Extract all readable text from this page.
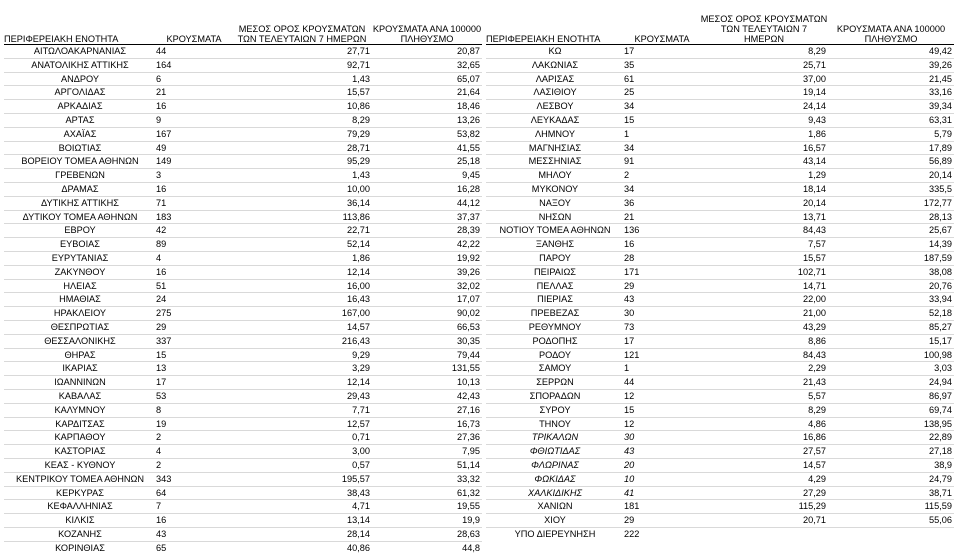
ΠΕΡΙΦΕΡΕΙΑΚΗ ΕΝΟΤΗΤΑ	ΚΡΟΥΣΜΑΤΑ	ΜΕΣΟΣ ΟΡΟΣ ΚΡΟΥΣΜΑΤΩΝ ΤΩΝ ΤΕΛΕΥΤΑΙΩΝ 7 ΗΜΕΡΩΝ	ΚΡΟΥΣΜΑΤΑ ΑΝΑ 100000 ΠΛΗΘΥΣΜΟ
ΑΙΤΩΛΟΑΚΑΡΝΑΝΙΑΣ	44	27,71	20,87
ΑΝΑΤΟΛΙΚΗΣ ΑΤΤΙΚΗΣ	164	92,71	32,65
ΑΝΔΡΟΥ	6	1,43	65,07
ΑΡΓΟΛΙΔΑΣ	21	15,57	21,64
ΑΡΚΑΔΙΑΣ	16	10,86	18,46
ΑΡΤΑΣ	9	8,29	13,26
ΑΧΑΪΑΣ	167	79,29	53,82
ΒΟΙΩΤΙΑΣ	49	28,71	41,55
ΒΟΡΕΙΟΥ ΤΟΜΕΑ ΑΘΗΝΩΝ	149	95,29	25,18
ΓΡΕΒΕΝΩΝ	3	1,43	9,45
ΔΡΑΜΑΣ	16	10,00	16,28
ΔΥΤΙΚΗΣ ΑΤΤΙΚΗΣ	71	36,14	44,12
ΔΥΤΙΚΟΥ ΤΟΜΕΑ ΑΘΗΝΩΝ	183	113,86	37,37
ΕΒΡΟΥ	42	22,71	28,39
ΕΥΒΟΙΑΣ	89	52,14	42,22
ΕΥΡΥΤΑΝΙΑΣ	4	1,86	19,92
ΖΑΚΥΝΘΟΥ	16	12,14	39,26
ΗΛΕΙΑΣ	51	16,00	32,02
ΗΜΑΘΙΑΣ	24	16,43	17,07
ΗΡΑΚΛΕΙΟΥ	275	167,00	90,02
ΘΕΣΠΡΩΤΙΑΣ	29	14,57	66,53
ΘΕΣΣΑΛΟΝΙΚΗΣ	337	216,43	30,35
ΘΗΡΑΣ	15	9,29	79,44
ΙΚΑΡΙΑΣ	13	3,29	131,55
ΙΩΑΝΝΙΝΩΝ	17	12,14	10,13
ΚΑΒΑΛΑΣ	53	29,43	42,43
ΚΑΛΥΜΝΟΥ	8	7,71	27,16
ΚΑΡΔΙΤΣΑΣ	19	12,57	16,73
ΚΑΡΠΑΘΟΥ	2	0,71	27,36
ΚΑΣΤΟΡΙΑΣ	4	3,00	7,95
ΚΕΑΣ - ΚΥΘΝΟΥ	2	0,57	51,14
ΚΕΝΤΡΙΚΟΥ ΤΟΜΕΑ ΑΘΗΝΩΝ	343	195,57	33,32
ΚΕΡΚΥΡΑΣ	64	38,43	61,32
ΚΕΦΑΛΛΗΝΙΑΣ	7	4,71	19,55
ΚΙΛΚΙΣ	16	13,14	19,9
ΚΟΖΑΝΗΣ	43	28,14	28,63
ΚΟΡΙΝΘΙΑΣ	65	40,86	44,8
ΠΕΡΙΦΕΡΕΙΑΚΗ ΕΝΟΤΗΤΑ	ΚΡΟΥΣΜΑΤΑ	ΜΕΣΟΣ ΟΡΟΣ ΚΡΟΥΣΜΑΤΩΝ ΤΩΝ ΤΕΛΕΥΤΑΙΩΝ 7 ΗΜΕΡΩΝ	ΚΡΟΥΣΜΑΤΑ ΑΝΑ 100000 ΠΛΗΘΥΣΜΟ
ΚΩ	17	8,29	49,42
ΛΑΚΩΝΙΑΣ	35	25,71	39,26
ΛΑΡΙΣΑΣ	61	37,00	21,45
ΛΑΣΙΘΙΟΥ	25	19,14	33,16
ΛΕΣΒΟΥ	34	24,14	39,34
ΛΕΥΚΑΔΑΣ	15	9,43	63,31
ΛΗΜΝΟΥ	1	1,86	5,79
ΜΑΓΝΗΣΙΑΣ	34	16,57	17,89
ΜΕΣΣΗΝΙΑΣ	91	43,14	56,89
ΜΗΛΟΥ	2	1,29	20,14
ΜΥΚΟΝΟΥ	34	18,14	335,5
ΝΑΞΟΥ	36	20,14	172,77
ΝΗΣΩΝ	21	13,71	28,13
ΝΟΤΙΟΥ ΤΟΜΕΑ ΑΘΗΝΩΝ	136	84,43	25,67
ΞΑΝΘΗΣ	16	7,57	14,39
ΠΑΡΟΥ	28	15,57	187,59
ΠΕΙΡΑΙΩΣ	171	102,71	38,08
ΠΕΛΛΑΣ	29	14,71	20,76
ΠΙΕΡΙΑΣ	43	22,00	33,94
ΠΡΕΒΕΖΑΣ	30	21,00	52,18
ΡΕΘΥΜΝΟΥ	73	43,29	85,27
ΡΟΔΟΠΗΣ	17	8,86	15,17
ΡΟΔΟΥ	121	84,43	100,98
ΣΑΜΟΥ	1	2,29	3,03
ΣΕΡΡΩΝ	44	21,43	24,94
ΣΠΟΡΑΔΩΝ	12	5,57	86,97
ΣΥΡΟΥ	15	8,29	69,74
ΤΗΝΟΥ	12	4,86	138,95
ΤΡΙΚΑΛΩΝ	30	16,86	22,89
ΦΘΙΩΤΙΔΑΣ	43	27,57	27,18
ΦΛΩΡΙΝΑΣ	20	14,57	38,9
ΦΩΚΙΔΑΣ	10	4,29	24,79
ΧΑΛΚΙΔΙΚΗΣ	41	27,29	38,71
ΧΑΝΙΩΝ	181	115,29	115,59
ΧΙΟΥ	29	20,71	55,06
ΥΠΟ ΔΙΕΡΕΥΝΗΣΗ	222		
